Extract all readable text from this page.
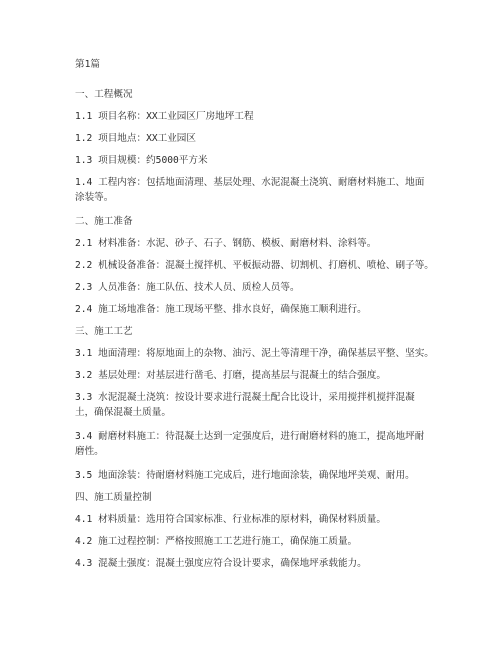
第1篇
一、工程概况
1.1 项目名称：XX工业园区厂房地坪工程
1.2 项目地点：XX工业园区
1.3 项目规模：约5000平方米
1.4 工程内容：包括地面清理、基层处理、水泥混凝土浇筑、耐磨材料施工、地面涂装等。
二、施工准备
2.1 材料准备：水泥、砂子、石子、钢筋、模板、耐磨材料、涂料等。
2.2 机械设备准备：混凝土搅拌机、平板振动器、切割机、打磨机、喷枪、刷子等。
2.3 人员准备：施工队伍、技术人员、质检人员等。
2.4 施工场地准备：施工现场平整、排水良好，确保施工顺利进行。
三、施工工艺
3.1 地面清理：将原地面上的杂物、油污、泥土等清理干净，确保基层平整、坚实。
3.2 基层处理：对基层进行凿毛、打磨，提高基层与混凝土的结合强度。
3.3 水泥混凝土浇筑：按设计要求进行混凝土配合比设计，采用搅拌机搅拌混凝土，确保混凝土质量。
3.4 耐磨材料施工：待混凝土达到一定强度后，进行耐磨材料的施工，提高地坪耐磨性。
3.5 地面涂装：待耐磨材料施工完成后，进行地面涂装，确保地坪美观、耐用。
四、施工质量控制
4.1 材料质量：选用符合国家标准、行业标准的原材料，确保材料质量。
4.2 施工过程控制：严格按照施工工艺进行施工，确保施工质量。
4.3 混凝土强度：混凝土强度应符合设计要求，确保地坪承载能力。
